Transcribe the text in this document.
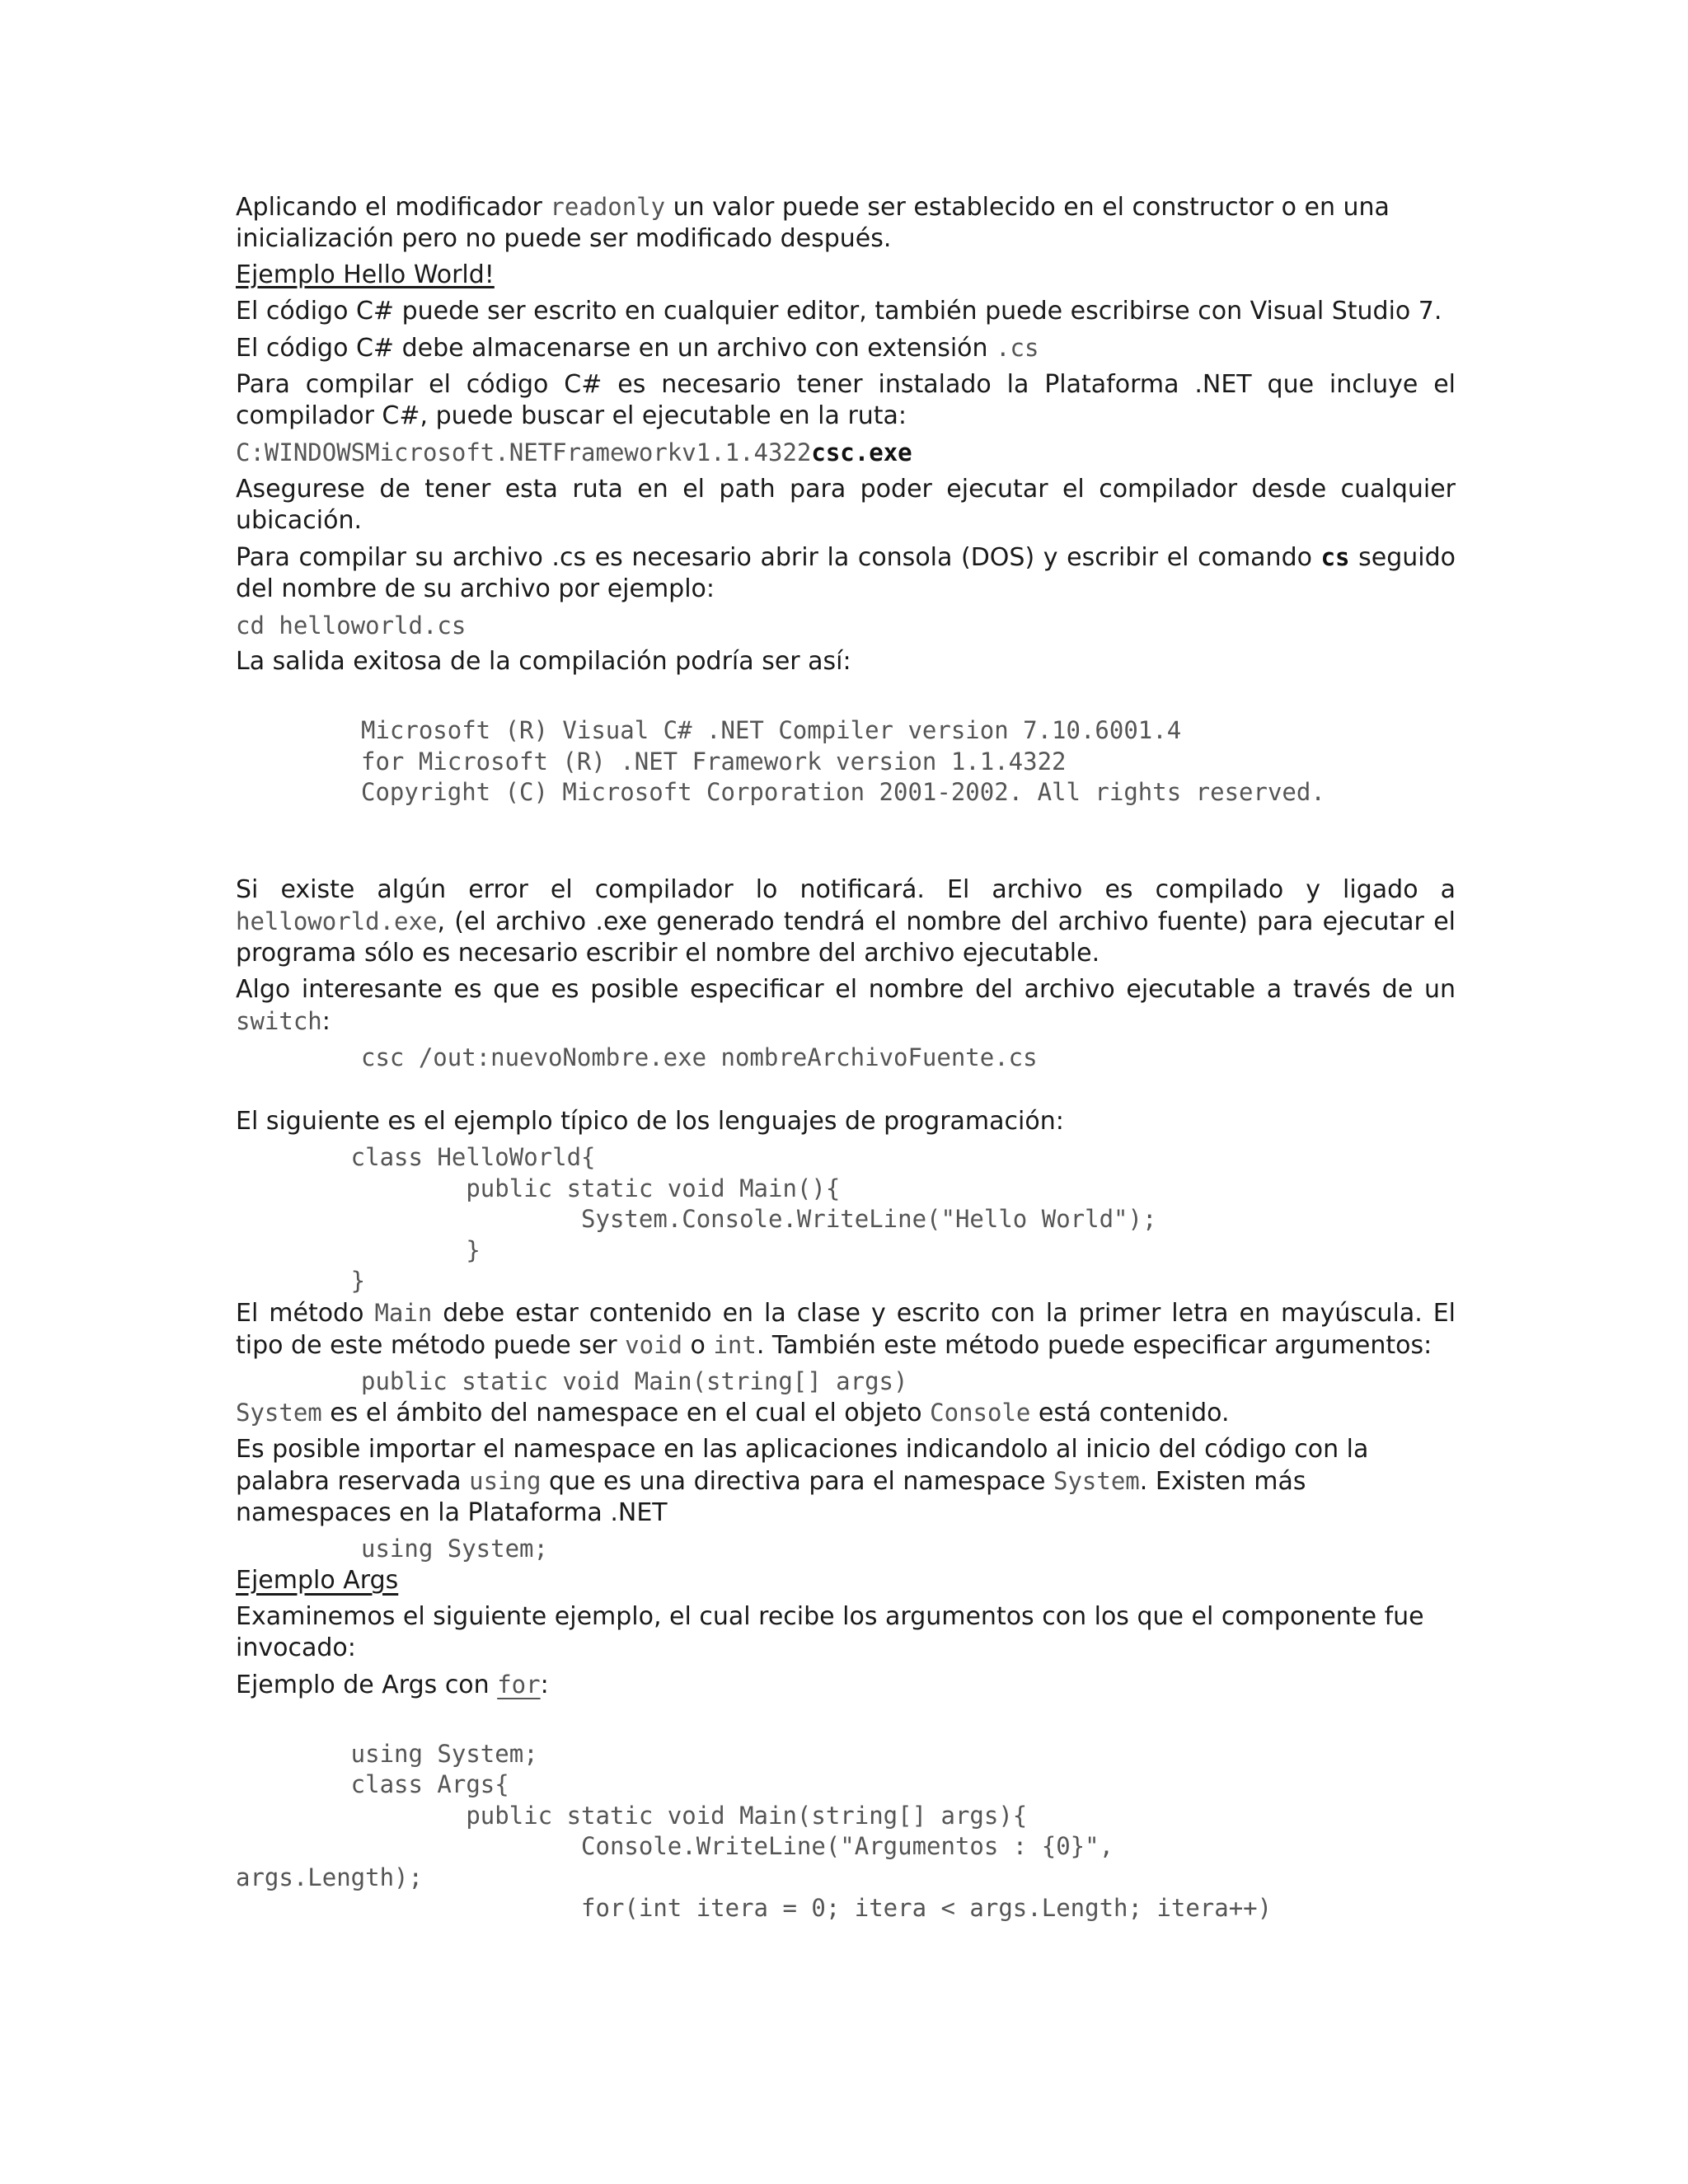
Aplicando el modificador readonly un valor puede ser establecido en el constructor o en una inicialización pero no puede ser modificado después.

Ejemplo Hello World!

El código C# puede ser escrito en cualquier editor, también puede escribirse con Visual Studio 7.

El código C# debe almacenarse en un archivo con extensión .cs

Para compilar el código C# es necesario tener instalado la Plataforma .NET que incluye el compilador C#, puede buscar el ejecutable en la ruta:

C:WINDOWSMicrosoft.NETFrameworkv1.1.4322csc.exe

Asegurese de tener esta ruta en el path para poder ejecutar el compilador desde cualquier ubicación.

Para compilar su archivo .cs es necesario abrir la consola (DOS) y escribir el comando cs seguido del nombre de su archivo por ejemplo:

cd helloworld.cs

La salida exitosa de la compilación podría ser así:

Microsoft (R) Visual C# .NET Compiler version 7.10.6001.4
for Microsoft (R) .NET Framework version 1.1.4322
Copyright (C) Microsoft Corporation 2001-2002. All rights reserved.

Si existe algún error el compilador lo notificará. El archivo es compilado y ligado a helloworld.exe, (el archivo .exe generado tendrá el nombre del archivo fuente) para ejecutar el programa sólo es necesario escribir el nombre del archivo ejecutable.

Algo interesante es que es posible especificar el nombre del archivo ejecutable a través de un switch:

csc /out:nuevoNombre.exe nombreArchivoFuente.cs

El siguiente es el ejemplo típico de los lenguajes de programación:

class HelloWorld{
public static void Main(){
System.Console.WriteLine("Hello World");
}
}

El método Main debe estar contenido en la clase y escrito con la primer letra en mayúscula. El tipo de este método puede ser void o int. También este método puede especificar argumentos:

public static void Main(string[] args)

System es el ámbito del namespace en el cual el objeto Console está contenido.

Es posible importar el namespace en las aplicaciones indicandolo al inicio del código con la palabra reservada using que es una directiva para el namespace System. Existen más namespaces en la Plataforma .NET

using System;

Ejemplo Args

Examinemos el siguiente ejemplo, el cual recibe los argumentos con los que el componente fue invocado:

Ejemplo de Args con for:

using System;
class Args{
public static void Main(string[] args){
Console.WriteLine("Argumentos : {0}",
args.Length);
for(int itera = 0; itera < args.Length; itera++)
